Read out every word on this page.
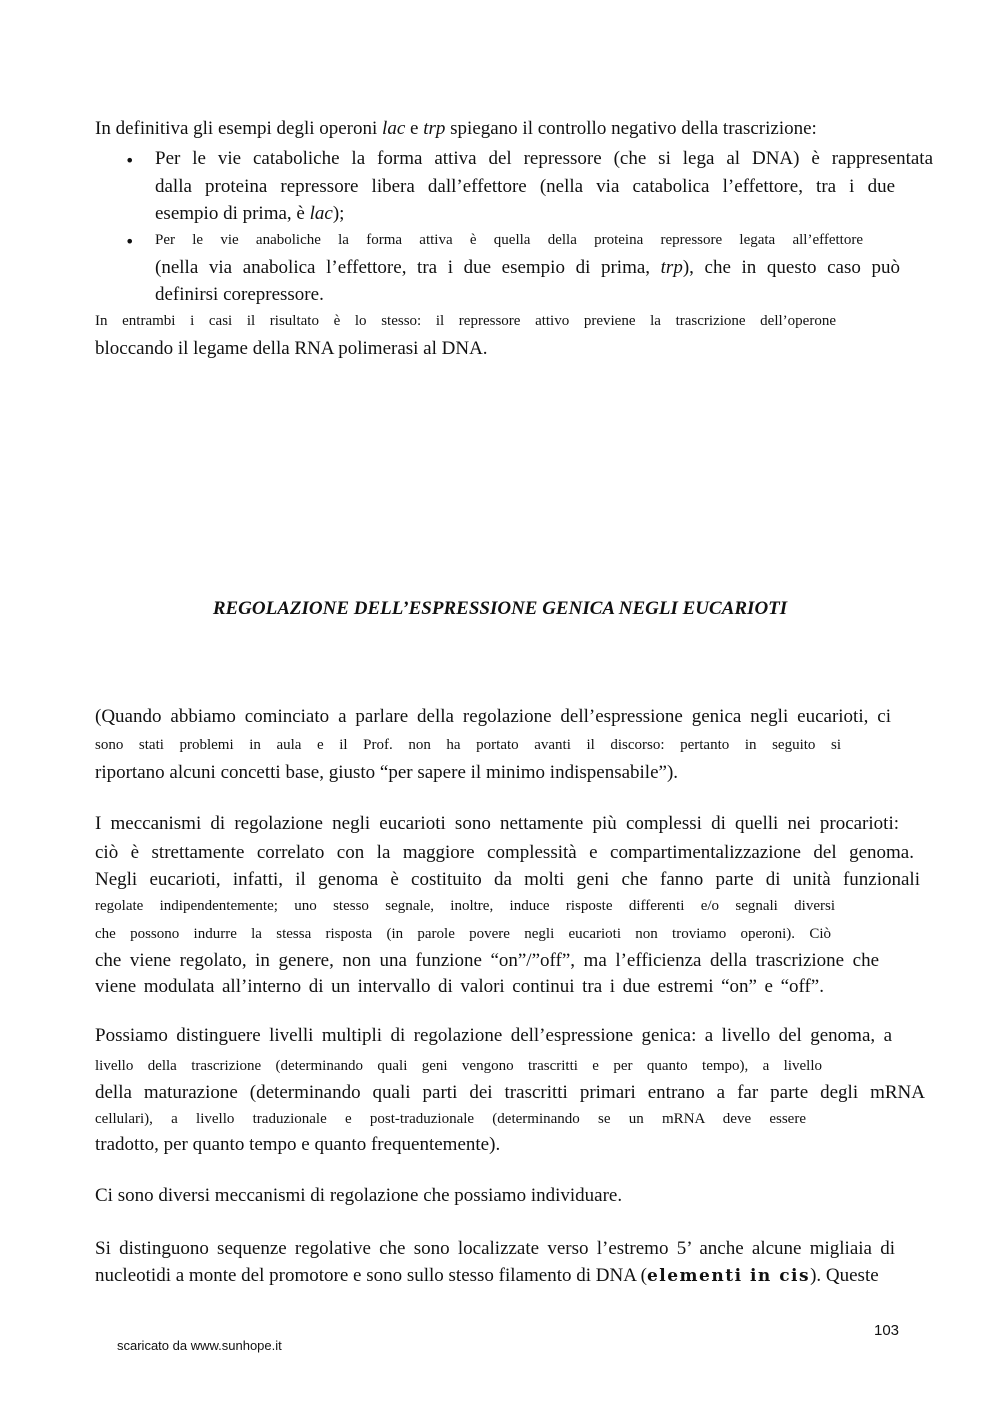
In definitiva gli esempi degli operoni lac e trp spiegano il controllo negativo della trascrizione:
• Per le vie cataboliche la forma attiva del repressore (che si lega al DNA) è rappresentata
dalla proteina repressore libera dall’effettore (nella via catabolica l’effettore, tra i due
esempio di prima, è lac);
• Per le vie anaboliche la forma attiva è quella della proteina repressore legata all’effettore
(nella via anabolica l’effettore, tra i due esempio di prima, trp), che in questo caso può
definirsi corepressore.
In entrambi i casi il risultato è lo stesso: il repressore attivo previene la trascrizione dell’operone
bloccando il legame della RNA polimerasi al DNA.
REGOLAZIONE DELL’ESPRESSIONE GENICA NEGLI EUCARIOTI
(Quando abbiamo cominciato a parlare della regolazione dell’espressione genica negli eucarioti, ci
sono stati problemi in aula e il Prof. non ha portato avanti il discorso: pertanto in seguito si
riportano alcuni concetti base, giusto “per sapere il minimo indispensabile”).
I meccanismi di regolazione negli eucarioti sono nettamente più complessi di quelli nei procarioti:
ciò è strettamente correlato con la maggiore complessità e compartimentalizzazione del genoma.
Negli eucarioti, infatti, il genoma è costituito da molti geni che fanno parte di unità funzionali
regolate indipendentemente; uno stesso segnale, inoltre, induce risposte differenti e/o segnali diversi
che possono indurre la stessa risposta (in parole povere negli eucarioti non troviamo operoni). Ciò
che viene regolato, in genere, non una funzione “on”/”off”, ma l’efficienza della trascrizione che
viene modulata all’interno di un intervallo di valori continui tra i due estremi “on” e “off”.
Possiamo distinguere livelli multipli di regolazione dell’espressione genica: a livello del genoma, a
livello della trascrizione (determinando quali geni vengono trascritti e per quanto tempo), a livello
della maturazione (determinando quali parti dei trascritti primari entrano a far parte degli mRNA
cellulari), a livello traduzionale e post-traduzionale (determinando se un mRNA deve essere
tradotto, per quanto tempo e quanto frequentemente).
Ci sono diversi meccanismi di regolazione che possiamo individuare.
Si distinguono sequenze regolative che sono localizzate verso l’estremo 5’ anche alcune migliaia di
nucleotidi a monte del promotore e sono sullo stesso filamento di DNA (elementi in cis). Queste
103
scaricato da www.sunhope.it
